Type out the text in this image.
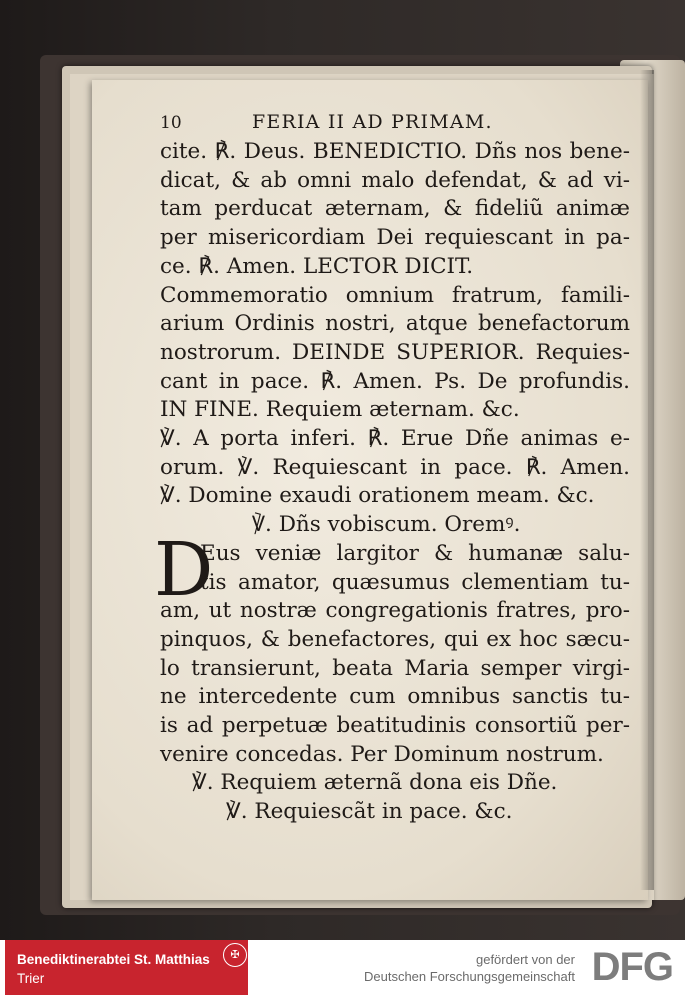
10	FERIA II AD PRIMAM.
cite. ℟. Deus. BENEDICTIO. Dñs nos bene-
dicat, & ab omni malo defendat, & ad vi-
tam perducat æternam, & fideliũ animæ
per misericordiam Dei requiescant in pa-
ce. ℟. Amen. LECTOR DICIT.
Commemoratio omnium fratrum, famili-
arium Ordinis nostri, atque benefactorum
nostrorum. DEINDE SUPERIOR. Requies-
cant in pace. ℟. Amen. Ps. De profundis.
IN FINE. Requiem æternam. &c.
℣. A porta inferi. ℟. Erue Dñe animas e-
orum. ℣. Requiescant in pace. ℟. Amen.
℣. Domine exaudi orationem meam. &c.
℣. Dñs vobiscum. Oremꝰ.
D
Eus veniæ largitor & humanæ salu-
tis amator, quæsumus clementiam tu-
am, ut nostræ congregationis fratres, pro-
pinquos, & benefactores, qui ex hoc sæcu-
lo transierunt, beata Maria semper virgi-
ne intercedente cum omnibus sanctis tu-
is ad perpetuæ beatitudinis consortiũ per-
venire concedas. Per Dominum nostrum.
℣. Requiem æternã dona eis Dñe.
℣. Requiescãt in pace. &c.
Benediktinerabtei St. Matthias
Trier
✠	gefördert von der
Deutschen Forschungsgemeinschaft DFG
